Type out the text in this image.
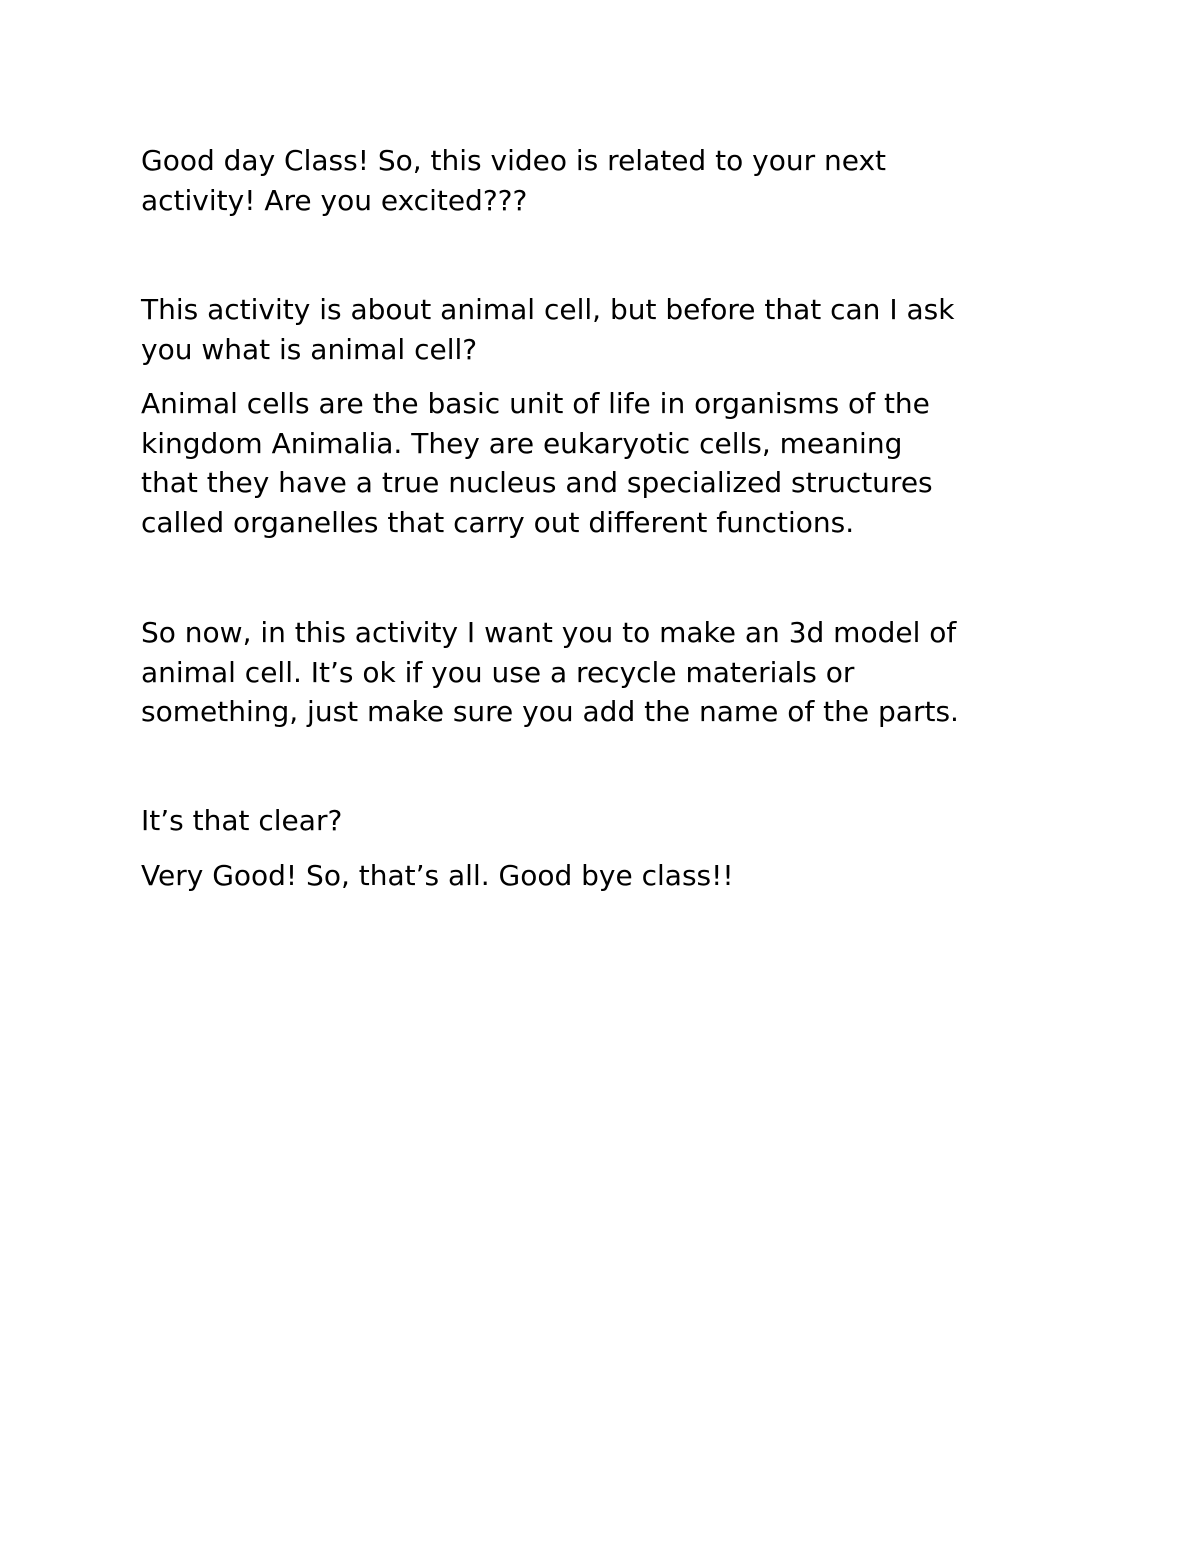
Good day Class! So, this video is related to your next
activity! Are you excited???

This activity is about animal cell, but before that can I ask
you what is animal cell?

Animal cells are the basic unit of life in organisms of the
kingdom Animalia. They are eukaryotic cells, meaning
that they have a true nucleus and specialized structures
called organelles that carry out different functions.

So now, in this activity I want you to make an 3d model of
animal cell. It’s ok if you use a recycle materials or
something, just make sure you add the name of the parts.

It’s that clear?

Very Good! So, that’s all. Good bye class!!
